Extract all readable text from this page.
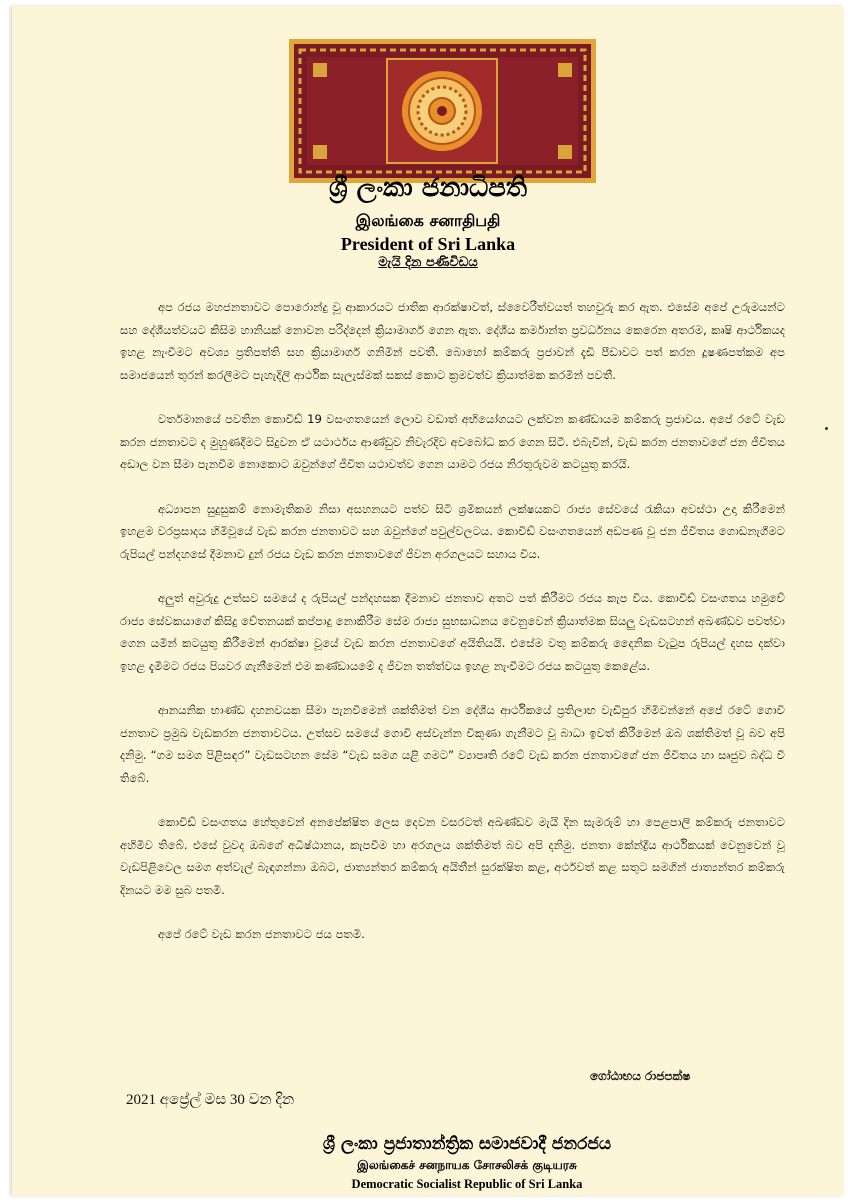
ශ්‍රී ලංකා ජනාධිපති
இலங்கை சனாதிபதி
President of Sri Lanka
මැයි දින පණිවිඩය

අප රජය මහජනතාවට පොරොන්දු වූ ආකාරයට ජාතික ආරක්ෂාවත්, ස්වෛරීත්වයත් තහවුරු කර ඇත. එසේම අපේ උරුමයන්ට සහ දේශීයත්වයට කිසිම හානියක් නොවන පරිද්දෙන් ක්‍රියාමාර්ග ගෙන ඇත. දේශීය කර්මාන්ත ප්‍රවර්ධනය කෙරෙන අතරම, කෘෂි ආර්ථිකයද ඉහළ නැංවීමට අවශ්‍ය ප්‍රතිපත්ති සහ ක්‍රියාමාර්ග ගනිමින් පවතී. බොහෝ කම්කරු ප්‍රජාවන් දැඩි පීඩාවට පත් කරන දූෂණපත්කම අප සමාජයෙන් තුරන් කරලීමට පැහැදිලි ආර්ථික සැලැස්මක් සකස් කොට ක්‍රමවත්ව ක්‍රියාත්මක කරමින් පවතී.

වර්තමානයේ පවතින කොවිඩ් 19 වසංගතයෙන් ලොව වඩාත් අභියෝගයට ලක්වන කණ්ඩායම කම්කරු ප්‍රජාවය. අපේ රටේ වැඩ කරන ජනතාවට ද මුහුණදීමට සිදුවන ඒ යථාර්ථය ආණ්ඩුව නිවැරදිව අවබෝධ කර ගෙන සිටී. එබැවින්, වැඩ කරන ජනතාවගේ ජන ජීවිතය අඩාල වන සීමා පැනවීම නොකොට ඔවුන්ගේ ජීවිත යථාවත්ව ගෙන යාමට රජය නිරතුරුවම කටයුතු කරයි.

අධ්‍යාපන සුදුසුකම් නොමැතිකම නිසා අසහනයට පත්ව සිටි ශ්‍රමිකයන් ලක්ෂයකට රාජ්‍ය සේවයේ රැකියා අවස්ථා උදා කිරීමෙන් ඉහළම වරප්‍රසාදය හිමිවූයේ වැඩ කරන ජනතාවට සහ ඔවුන්ගේ පවුල්වලටය. කොවිඩ් වසංගතයෙන් අඩපණ වූ ජන ජීවිතය ගොඩනැගීමට රුපියල් පන්දහසේ දීමනාව දුන් රජය වැඩ කරන ජනතාවගේ ජීවන අරගලයට සහාය විය.

අලුත් අවුරුදු උත්සව සමයේ ද රුපියල් පන්දහසක දීමනාව ජනතාව අතට පත් කිරීමට රජය කැප විය. කොවිඩ් වසංගතය හමුවේ රාජ්‍ය සේවකයාගේ කිසිදු වේතනයක් කප්පාදු නොකිරීම සේම රාජ්‍ය සුභසාධනය වෙනුවෙන් ක්‍රියාත්මක සියලු වැඩසටහන් අඛණ්ඩව පවත්වා ගෙන යමින් කටයුතු කිරීමෙන් ආරක්ෂා වූයේ වැඩ කරන ජනතාවගේ අයිතියයි. එසේම වතු කම්කරු දෛනික වැටුප රුපියල් දහස දක්වා ඉහළ දැමීමට රජය පියවර ගැනීමෙන් එම කණ්ඩායමේ ද ජීවන තත්ත්වය ඉහළ නැංවීමට රජය කටයුතු කෙළේය.

ආනයනික භාණ්ඩ දහනවයක සීමා පැනවීමෙන් ශක්තිමත් වන දේශීය ආර්ථිකයේ ප්‍රතිලාභ වැඩිපුර හිමිවන්නේ අපේ රටේ ගොවි ජනතාව ප්‍රමුඛ වැඩකරන ජනතාවටය. උත්සව සමයේ ගොවි අස්වැන්න විකුණා ගැනීමට වූ බාධා ඉවත් කිරීමෙන් ඔබ ශක්තිමත් වූ බව අපි දනිමු. “ගම සමග පිළිසඳර” වැඩසටහන සේම “වැඩ සමග යළි ගමට” ව්‍යාපෘති රටේ වැඩ කරන ජනතාවගේ ජන ජීවිතය හා සෘජුව බද්ධ වී තිබේ.

කොවිඩ් වසංගතය හේතුවෙන් අනපේක්ෂිත ලෙස දෙවන වසරටත් අඛණ්ඩව මැයි දින සැමරුම් හා පෙළපාලි කම්කරු ජනතාවට අහිමිව තිබේ. එසේ වුවද ඔබගේ අධිෂ්ඨානය, කැපවීම හා අරගලය ශක්තිමත් බව අපි දනිමු. ජනතා කේන්ද්‍රීය ආර්ථිකයක් වෙනුවෙන් වූ වැඩපිළිවෙල සමග අත්වැල් බැඳගන්නා ඔබට, ජාත්‍යන්තර කම්කරු අයිතීන් සුරක්ෂිත කළ, අර්ථවත් කළ සතුට සමගින් ජාත්‍යන්තර කම්කරු දිනයට මම සුබ පතමි.

අපේ රටේ වැඩ කරන ජනතාවට ජය පතමි.

ගෝඨාභය රාජපක්ෂ
2021 අප්‍රේල් මස 30 වන දින
ශ්‍රී ලංකා ප්‍රජාතාන්ත්‍රික සමාජවාදී ජනරජය
இலங்கைச் சனநாயக சோசலிசக் குடியரசு
Democratic Socialist Republic of Sri Lanka
